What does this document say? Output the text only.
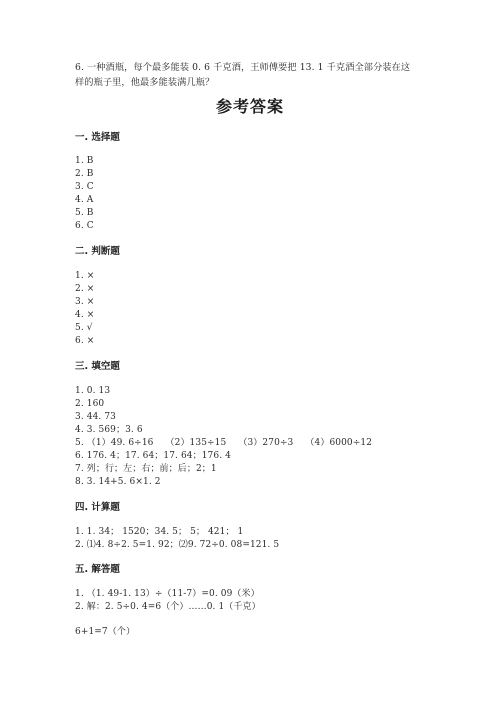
6. 一种酒瓶，每个最多能装 0. 6 千克酒，王师傅要把 13. 1 千克酒全部分装在这
样的瓶子里，他最多能装满几瓶？
参考答案
一. 选择题
1. B
2. B
3. C
4. A
5. B
6. C
二. 判断题
1. ×
2. ×
3. ×
4. ×
5. √
6. ×
三. 填空题
1. 0. 13
2. 160
3. 44. 73
4. 3. 569；3. 6
5. （1）49. 6÷16　 （2）135÷15　 （3）270÷3　 （4）6000÷12
6. 176. 4；17. 64；17. 64；176. 4
7. 列；行；左；右；前；后；2；1
8. 3. 14+5. 6×1. 2
四. 计算题
1. 1. 34； 1520；34. 5； 5； 421； 1
2. ⑴4. 8÷2. 5=1. 92；⑵9. 72÷0. 08=121. 5
五. 解答题
1. （1. 49-1. 13）÷（11-7）=0. 09（米）
2. 解：2. 5÷0. 4=6（个）……0. 1（千克）
6+1=7（个）
